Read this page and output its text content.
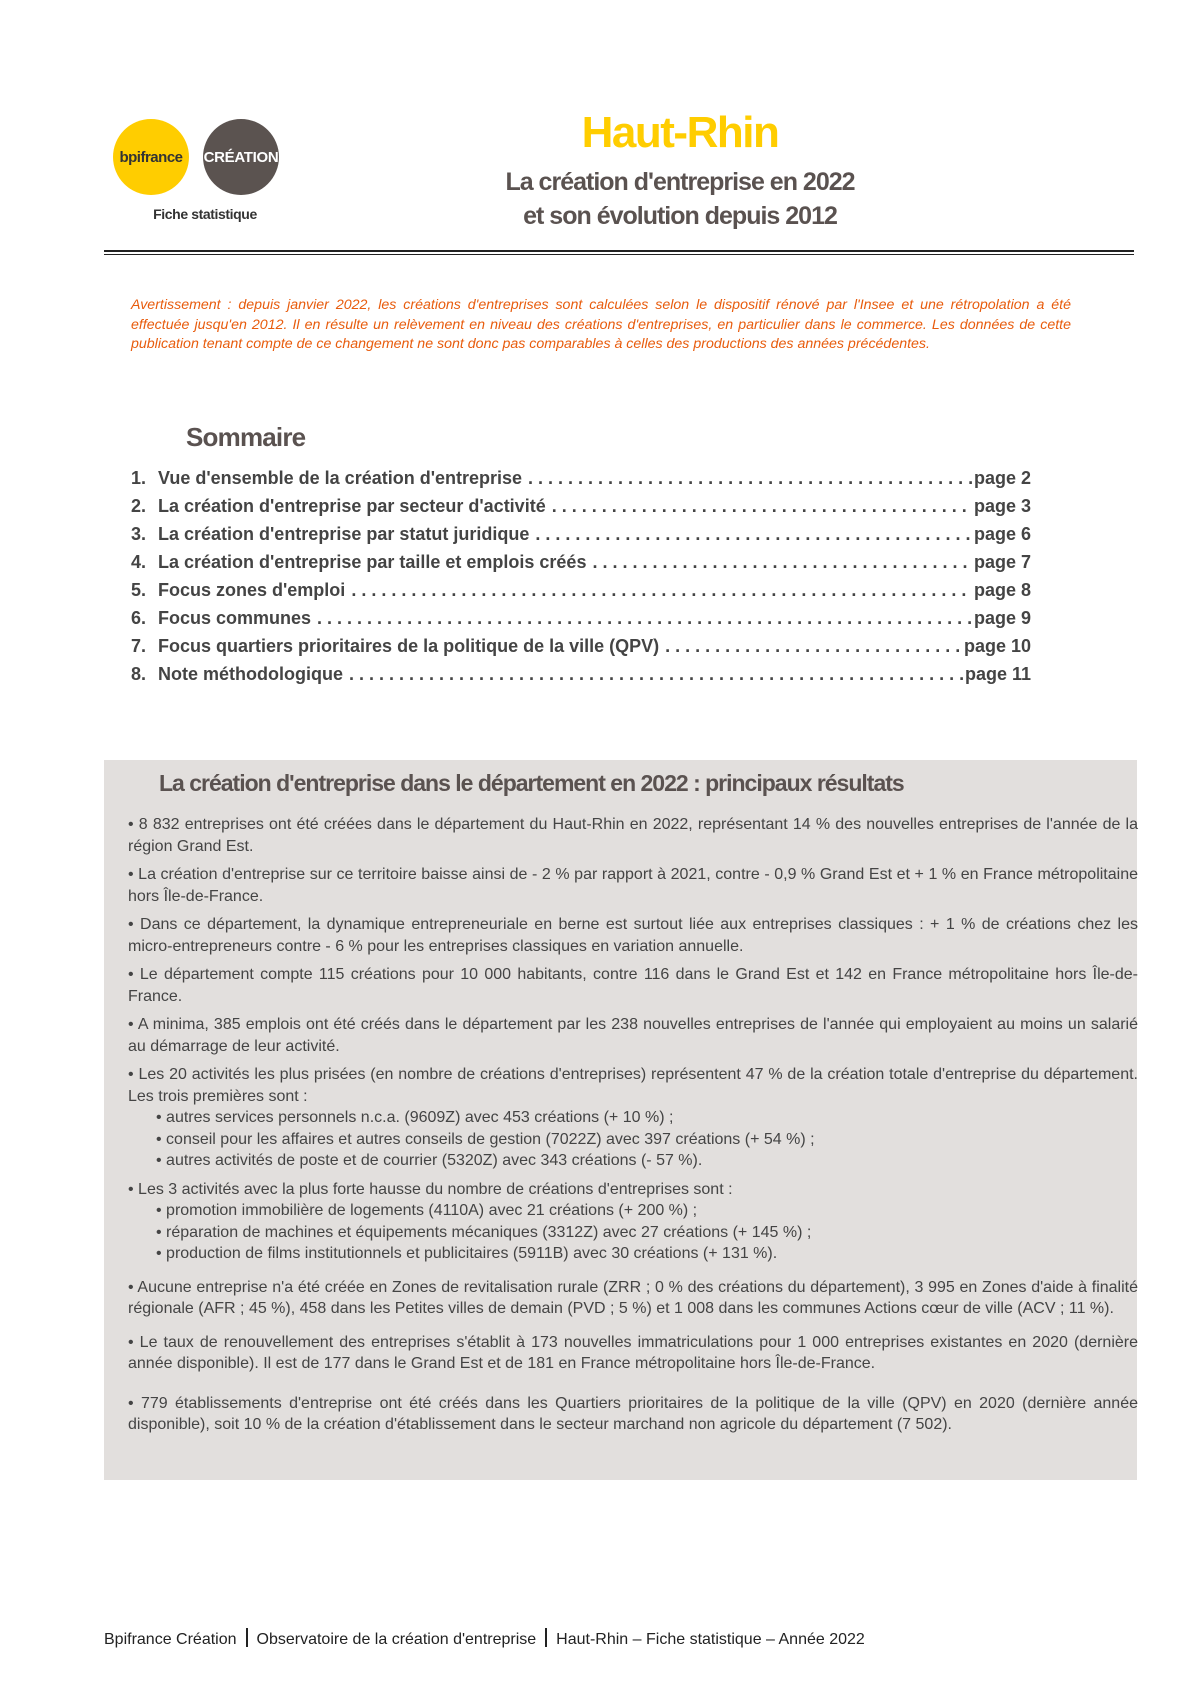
bpifrance CRÉATION
Fiche statistique
Haut-Rhin
La création d'entreprise en 2022
et son évolution depuis 2012
Avertissement : depuis janvier 2022, les créations d'entreprises sont calculées selon le dispositif rénové par l'Insee et une rétropolation a été effectuée jusqu'en 2012. Il en résulte un relèvement en niveau des créations d'entreprises, en particulier dans le commerce. Les données de cette publication tenant compte de ce changement ne sont donc pas comparables à celles des productions des années précédentes.
Sommaire
1. Vue d'ensemble de la création d'entreprise . . .	page 2
2. La création d'entreprise par secteur d'activité . . .	page 3
3. La création d'entreprise par statut juridique . . .	page 6
4. La création d'entreprise par taille et emplois créés . . .	page 7
5. Focus zones d'emploi . . .	page 8
6. Focus communes . . .	page 9
7. Focus quartiers prioritaires de la politique de la ville (QPV) . . .	page 10
8. Note méthodologique . . .	page 11
La création d'entreprise dans le département en 2022 : principaux résultats
• 8 832 entreprises ont été créées dans le département du Haut-Rhin en 2022, représentant 14 % des nouvelles entreprises de l'année de la région Grand Est.
• La création d'entreprise sur ce territoire baisse ainsi de - 2 % par rapport à 2021, contre - 0,9 % Grand Est et + 1 % en France métropolitaine hors Île-de-France.
• Dans ce département, la dynamique entrepreneuriale en berne est surtout liée aux entreprises classiques : + 1 % de créations chez les micro-entrepreneurs contre - 6 % pour les entreprises classiques en variation annuelle.
• Le département compte 115 créations pour 10 000 habitants, contre 116 dans le Grand Est et 142 en France métropolitaine hors Île-de-France.
• A minima, 385 emplois ont été créés dans le département par les 238 nouvelles entreprises de l'année qui employaient au moins un salarié au démarrage de leur activité.
• Les 20 activités les plus prisées (en nombre de créations d'entreprises) représentent 47 % de la création totale d'entreprise du département. Les trois premières sont :
• autres services personnels n.c.a. (9609Z) avec 453 créations (+ 10 %) ;
• conseil pour les affaires et autres conseils de gestion (7022Z) avec 397 créations (+ 54 %) ;
• autres activités de poste et de courrier (5320Z) avec 343 créations (- 57 %).
• Les 3 activités avec la plus forte hausse du nombre de créations d'entreprises sont :
• promotion immobilière de logements (4110A) avec 21 créations (+ 200 %) ;
• réparation de machines et équipements mécaniques (3312Z) avec 27 créations (+ 145 %) ;
• production de films institutionnels et publicitaires (5911B) avec 30 créations (+ 131 %).
• Aucune entreprise n'a été créée en Zones de revitalisation rurale (ZRR ; 0 % des créations du département), 3 995 en Zones d'aide à finalité régionale (AFR ; 45 %), 458 dans les Petites villes de demain (PVD ; 5 %) et 1 008 dans les communes Actions cœur de ville (ACV ; 11 %).
• Le taux de renouvellement des entreprises s'établit à 173 nouvelles immatriculations pour 1 000 entreprises existantes en 2020 (dernière année disponible). Il est de 177 dans le Grand Est et de 181 en France métropolitaine hors Île-de-France.
• 779 établissements d'entreprise ont été créés dans les Quartiers prioritaires de la politique de la ville (QPV) en 2020 (dernière année disponible), soit 10 % de la création d'établissement dans le secteur marchand non agricole du département (7 502).
Bpifrance Création Observatoire de la création d'entreprise Haut-Rhin – Fiche statistique – Année 2022
